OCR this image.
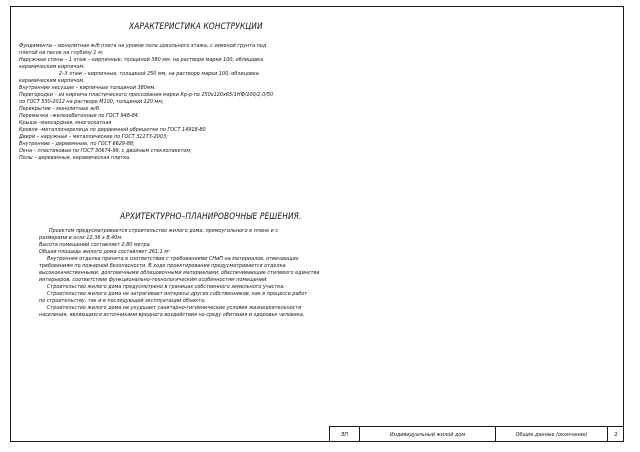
ХАРАКТЕРИСТИКА КОНСТРУКЦИИ
Фундаменты – монолитная ж/б плита на уровне пола цокольного этажа, с заменой грунта под
плитой на песок на глубину 1 м;
Наружные стены – 1 этаж – кирпичные, толщиной 380 мм, на растворе марки 100, облицовка
керамическим кирпичом.
2–3 этаж – кирпичные, толщиной 250 мм, на растворе марки 100, облицовка
керамическим кирпичом.
Внутренние несущие – кирпичные толщиной 380мм.
Перегородки – из кирпича пластического прессования марки Кр-р-по 250x120x65/1НФ/100/2,0/50
по ГОСТ 530-2012 на растворе М100, толщиной 120 мм;
Перекрытие – монолитные ж/б.
Перемычки –железобетонные по ГОСТ 948-84.
Крыша –мансардная, многоскатная
Кровля –металлочерепица по деревянной обрешетке по ГОСТ 14918-80
Двери – наружные – металлические по ГОСТ 31173-2003;
Внутренние – деревянные, по ГОСТ 6629-88;
Окна – пластиковые по ГОСТ 30674-99, с двойным стеклопакетом;
Полы – деревянные, керамическая плитка.
АРХИТЕКТУРНО–ПЛАНИРОВОЧНЫЕ РЕШЕНИЯ.
Проектом предусматривается строительство жилого дома, прямоугольного в плане и с
размерами в осях 12,36 x 8,40м.
Высота помещений составляет 2,80 метра.
Общая площадь жилого дома составляет 261,1 м²
Внутренняя отделка принята в соответствии с требованиями СНиП на материалов, отвечающих
требованиям по пожарной безопасности. В ходе проектирования предусматривается отделка
высококачественными, долговечными облицовочными материалами, обеспечивающие стилевого единства
интерьеров, соответствие функционально-технологическим особенностям помещений.
Строительство жилого дома предусмотрено в границах собственного земельного участка.
Строительство жилого дома не затрагивает интересы других собственников, как в процессе работ
по строительству, так и в последующей эксплуатации объекта.
Строительство жилого дома не ухудшает санитарно-гигиенические условия жизнедеятельности
населения, являющихся источниками вредного воздействия на среду обитания и здоровье человека.
ЭП	Индивидуальный жилой дом	Общие данные (окончание)	2
